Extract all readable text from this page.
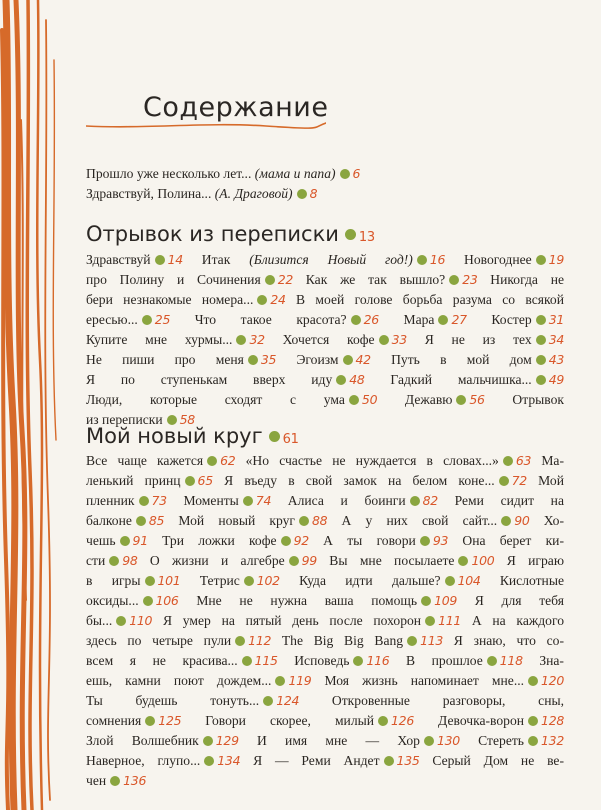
Содержание
Прошло уже несколько лет... (мама и папа) 6
Здравствуй, Полина... (А. Драговой) 8
Отрывок из переписки 13
Здравствуй 14 Итак (Близится Новый год!) 16 Новогоднее 19
про Полину и Сочинения 22 Как же так вышло? 23 Никогда не
бери незнакомые номера... 24 В моей голове борьба разума со всякой
ересью... 25 Что такое красота? 26 Мара 27 Костер 31
Купите мне хурмы... 32 Хочется кофе 33 Я не из тех 34
Не пиши про меня 35 Эгоизм 42 Путь в мой дом 43
Я по ступенькам вверх иду 48 Гадкий мальчишка... 49
Люди, которые сходят с ума 50 Дежавю 56 Отрывок
из переписки 58
Мой новый круг 61
Все чаще кажется 62 «Но счастье не нуждается в словах...» 63 Ма-
ленький принц 65 Я въеду в свой замок на белом коне... 72 Мой
пленник 73 Моменты 74 Алиса и боинги 82 Реми сидит на
балконе 85 Мой новый круг 88 А у них свой сайт... 90 Хо-
чешь 91 Три ложки кофе 92 А ты говори 93 Она берет ки-
сти 98 О жизни и алгебре 99 Вы мне посылаете 100 Я играю
в игры 101 Тетрис 102 Куда идти дальше? 104 Кислотные
оксиды... 106 Мне не нужна ваша помощь 109 Я для тебя
бы... 110 Я умер на пятый день после похорон 111 А на каждого
здесь по четыре пули 112 The Big Big Bang 113 Я знаю, что со-
всем я не красива... 115 Исповедь 116 В прошлое 118 Зна-
ешь, камни поют дождем... 119 Моя жизнь напоминает мне... 120
Ты будешь тонуть... 124 Откровенные разговоры, сны,
сомнения 125 Говори скорее, милый 126 Девочка-ворон 128
Злой Волшебник 129 И имя мне — Хор 130 Стереть 132
Наверное, глупо... 134 Я — Реми Андет 135 Серый Дом не ве-
чен 136
